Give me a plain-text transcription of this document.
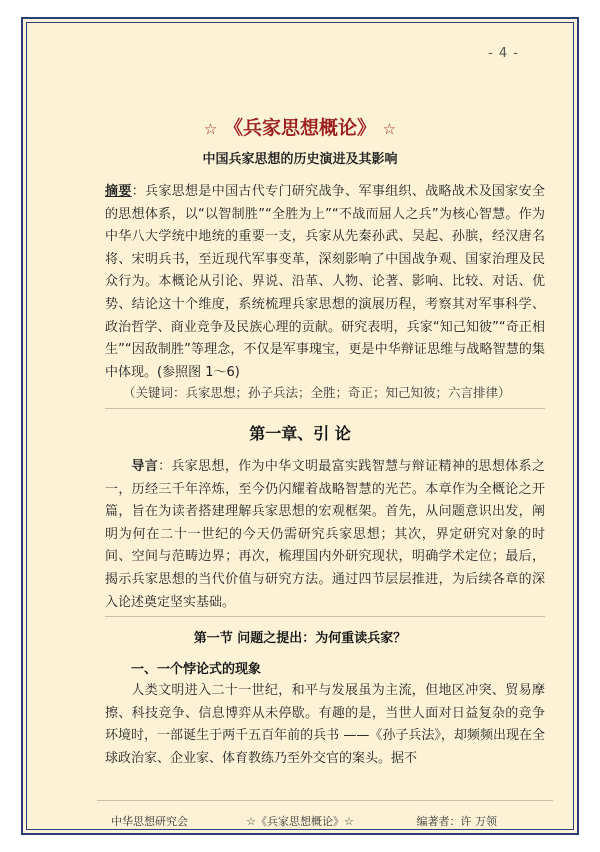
- 4 -
☆ 《兵家思想概论》 ☆
中国兵家思想的历史演进及其影响

摘要：兵家思想是中国古代专门研究战争、军事组织、战略战术及国家安全的思想体系，以“以智制胜”“全胜为上”“不战而屈人之兵”为核心智慧。作为中华八大学统中地统的重要一支，兵家从先秦孙武、吴起、孙膑，经汉唐名将、宋明兵书，至近现代军事变革，深刻影响了中国战争观、国家治理及民众行为。本概论从引论、界说、沿革、人物、论著、影响、比较、对话、优势、结论这十个维度，系统梳理兵家思想的演展历程，考察其对军事科学、政治哲学、商业竞争及民族心理的贡献。研究表明，兵家“知己知彼”“奇正相生”“因敌制胜”等理念，不仅是军事瑰宝，更是中华辩证思维与战略智慧的集中体现。(参照图 1～6)

（关键词：兵家思想；孙子兵法；全胜；奇正；知己知彼；六言排律）
第一章、引 论

导言：兵家思想，作为中华文明最富实践智慧与辩证精神的思想体系之一，历经三千年淬炼，至今仍闪耀着战略智慧的光芒。本章作为全概论之开篇，旨在为读者搭建理解兵家思想的宏观框架。首先，从问题意识出发，阐明为何在二十一世纪的今天仍需研究兵家思想；其次，界定研究对象的时间、空间与范畴边界；再次，梳理国内外研究现状，明确学术定位；最后，揭示兵家思想的当代价值与研究方法。通过四节层层推进，为后续各章的深入论述奠定坚实基础。

第一节 问题之提出：为何重读兵家？
一、一个悖论式的现象

人类文明进入二十一世纪，和平与发展虽为主流，但地区冲突、贸易摩擦、科技竞争、信息博弈从未停歇。有趣的是，当世人面对日益复杂的竞争环境时，一部诞生于两千五百年前的兵书 ——《孙子兵法》，却频频出现在全球政治家、企业家、体育教练乃至外交官的案头。据不

中华思想研究会	☆《兵家思想概论》☆	编著者：许 万领
